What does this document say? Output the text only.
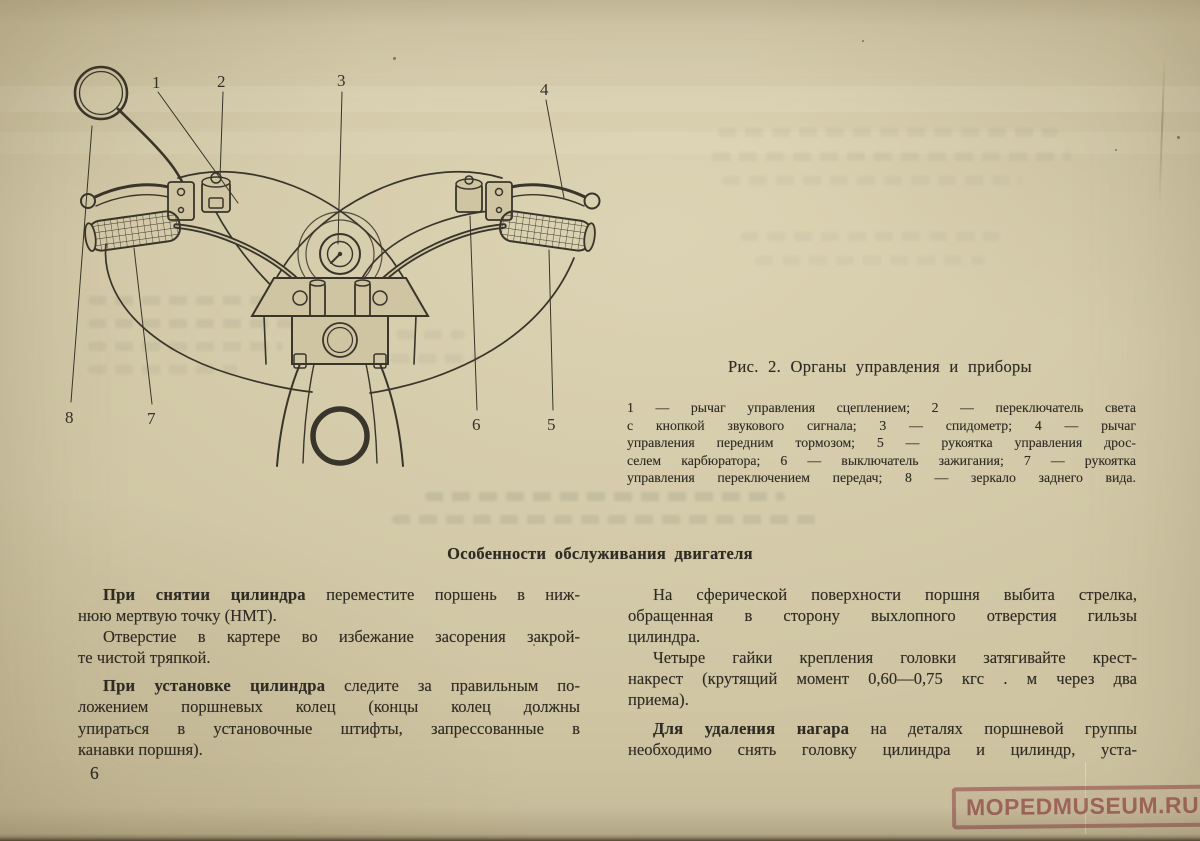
1	2	3	4
5
6
7
8
Рис. 2. Органы управления и приборы
1 — рычаг управления сцеплением; 2 — переключатель света
с кнопкой звукового сигнала; 3 — спидометр; 4 — рычаг
управления передним тормозом; 5 — рукоятка управления дрос-
селем карбюратора; 6 — выключатель зажигания; 7 — рукоятка
управления переключением передач; 8 — зеркало заднего вида.
Особенности обслуживания двигателя
При снятии цилиндра переместите поршень в ниж-
нюю мертвую точку (НМТ).
Отверстие в картере во избежание засорения закрой-
те чистой тряпкой.
При установке цилиндра следите за правильным по-
ложением поршневых колец (концы колец должны
упираться в установочные штифты, запрессованные в
канавки поршня).
На сферической поверхности поршня выбита стрелка,
обращенная в сторону выхлопного отверстия гильзы
цилиндра.
Четыре гайки крепления головки затягивайте крест-
накрест (крутящий момент 0,60—0,75 кгс . м через два
приема).
Для удаления нагара на деталях поршневой группы
необходимо снять головку цилиндра и цилиндр, уста-
6
MOPEDMUSEUM.RU
